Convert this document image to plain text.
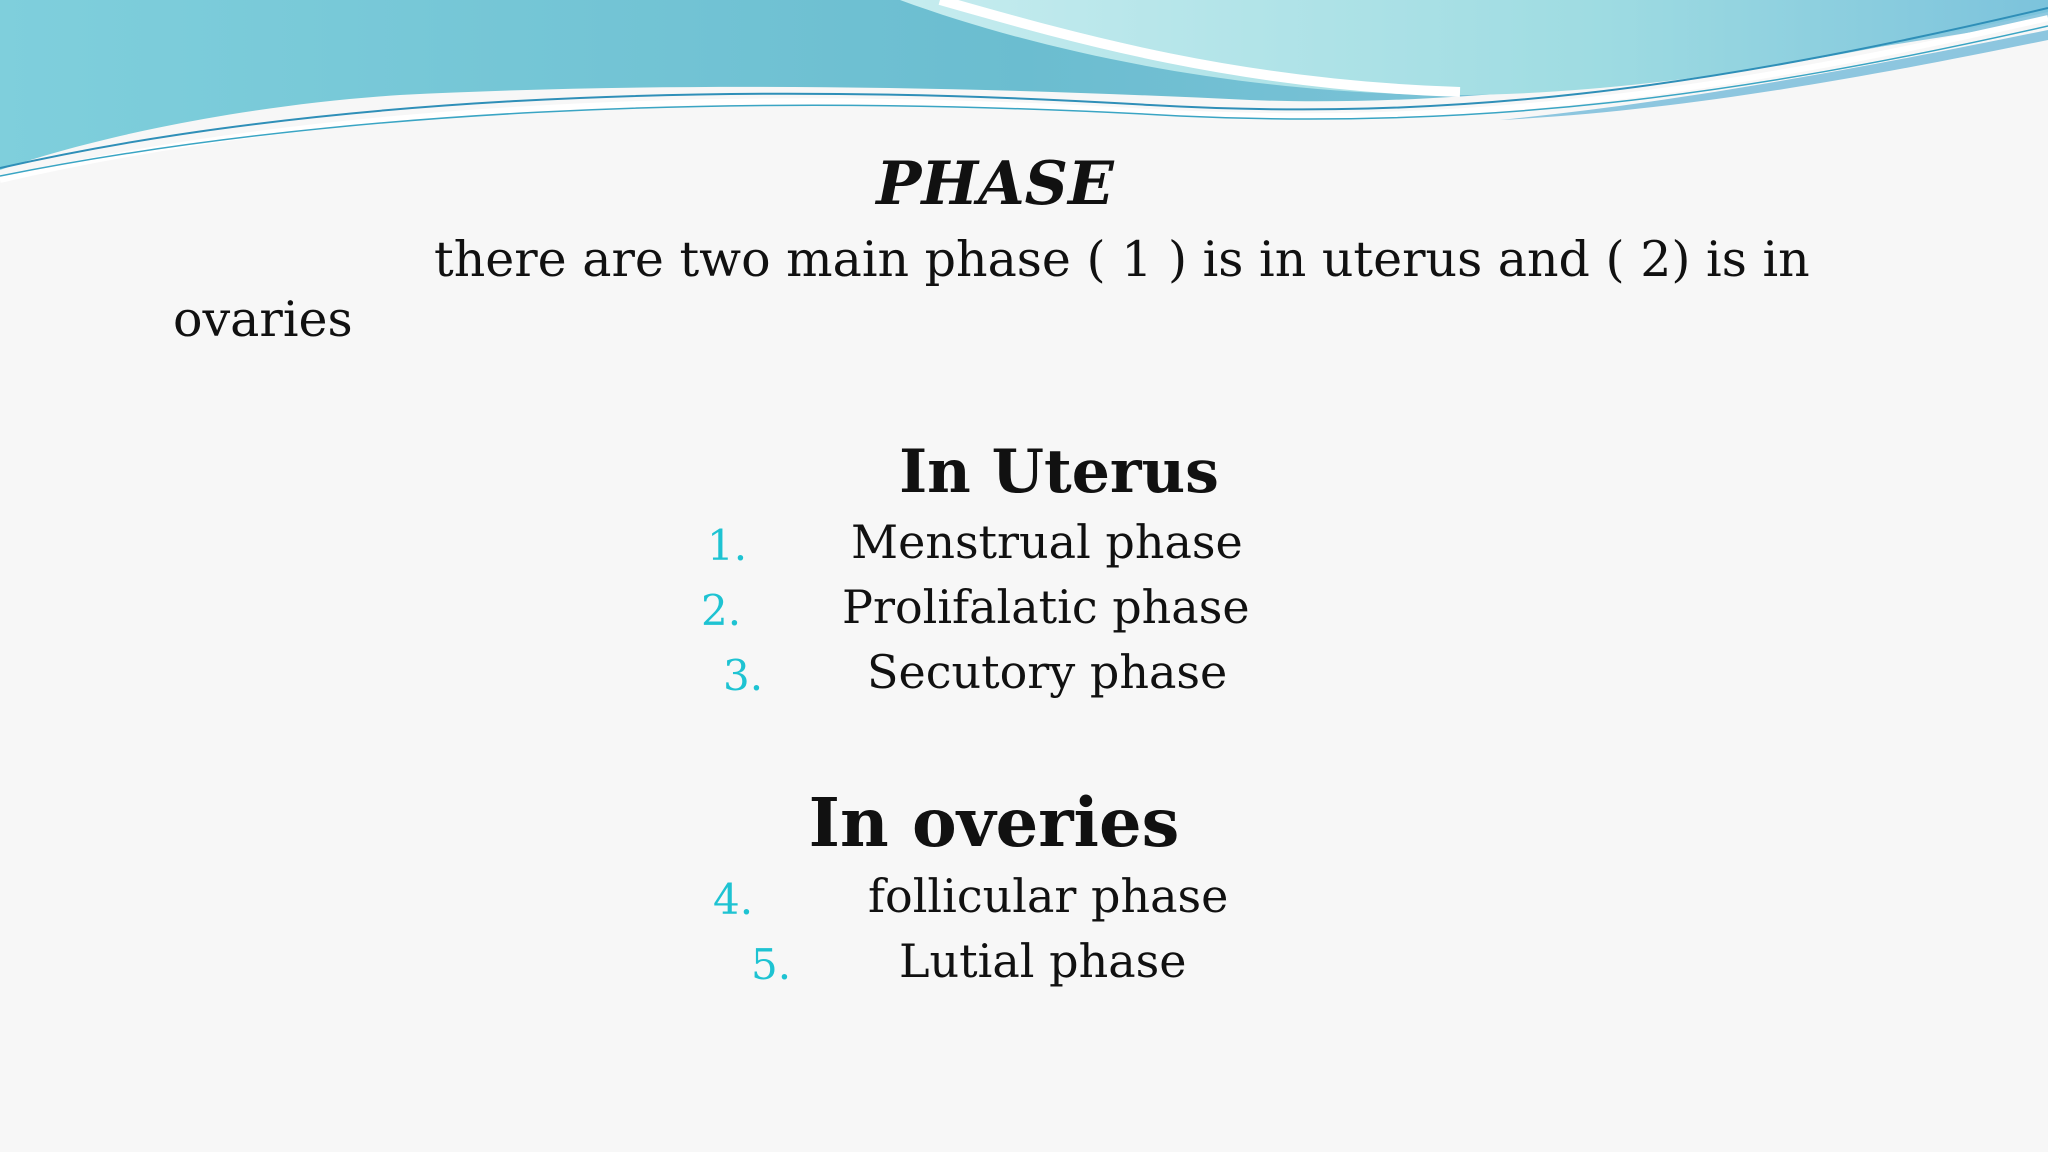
PHASE

there are two main phase ( 1 ) is in uterus and ( 2) is in

ovaries

In Uterus
1. Menstrual phase
2. Prolifalatic phase
3. Secutory phase
In overies
4. follicular phase
5. Lutial phase
